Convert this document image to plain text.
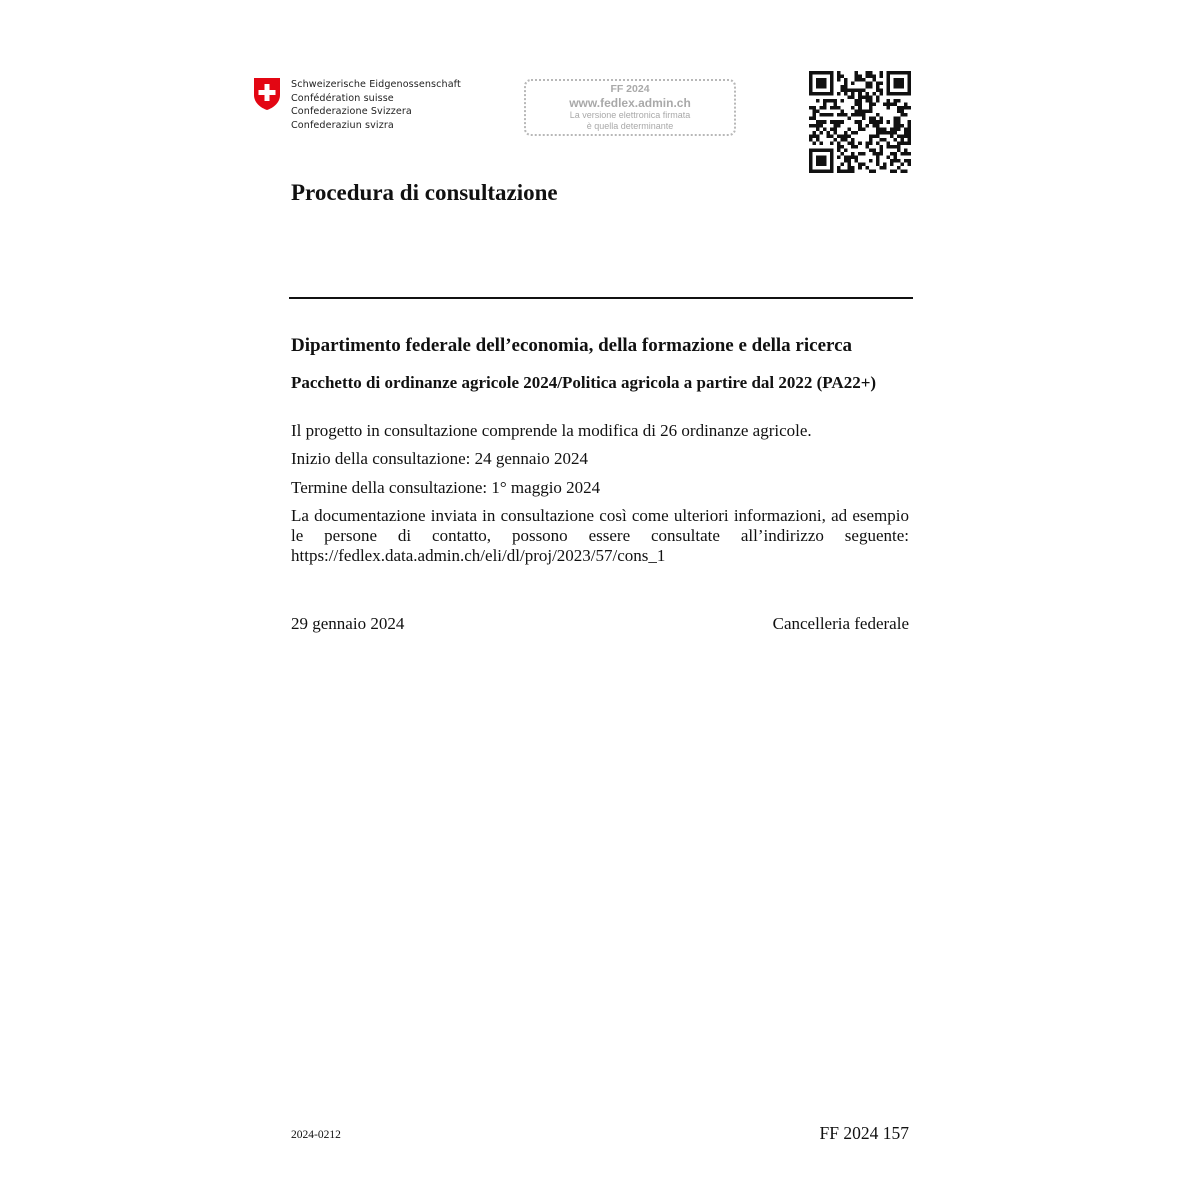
Schweizerische Eidgenossenschaft
Confédération suisse
Confederazione Svizzera
Confederaziun svizra
FF 2024
www.fedlex.admin.ch
La versione elettronica firmata
è quella determinante
Procedura di consultazione
Dipartimento federale dell’economia, della formazione e della ricerca
Pacchetto di ordinanze agricole 2024/Politica agricola a partire dal 2022 (PA22+)

Il progetto in consultazione comprende la modifica di 26 ordinanze agricole.

Inizio della consultazione: 24 gennaio 2024

Termine della consultazione: 1° maggio 2024

La documentazione inviata in consultazione così come ulteriori informazioni, ad esempio le persone di contatto, possono essere consultate all’indirizzo seguente: https://fedlex.data.admin.ch/eli/dl/proj/2023/57/cons_1

29 gennaio 2024	Cancelleria federale
2024-0212	FF 2024 157
